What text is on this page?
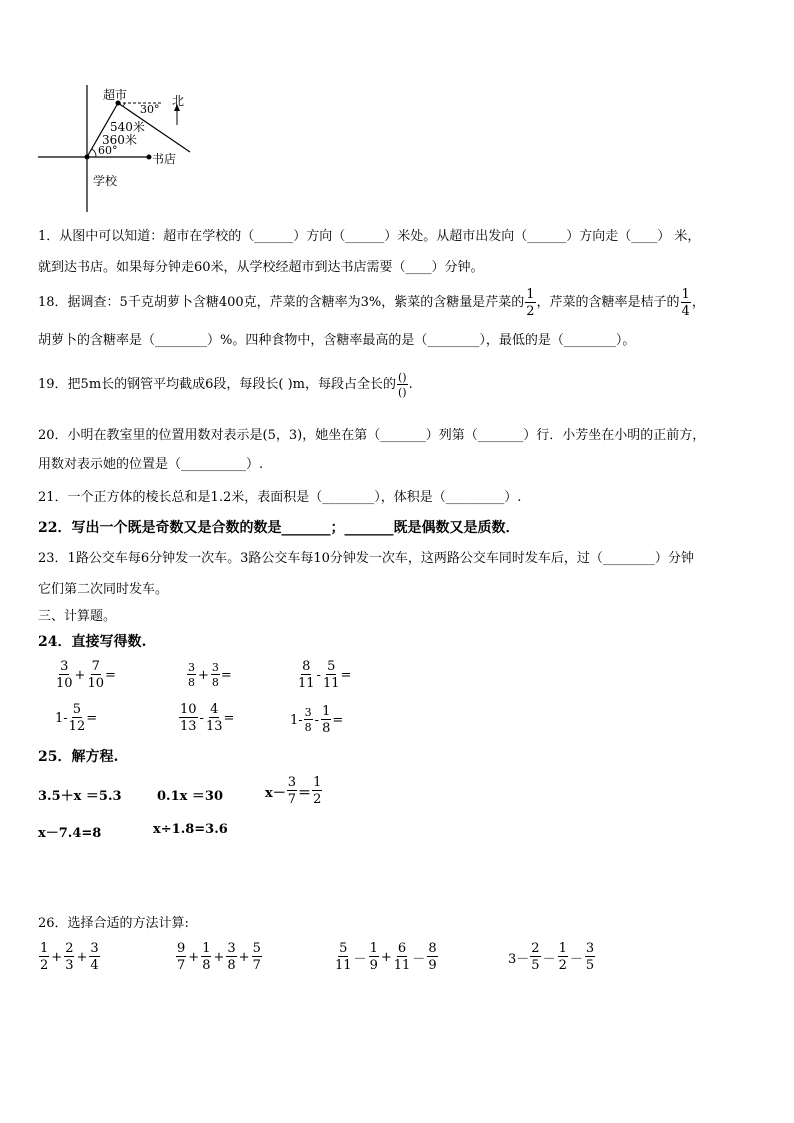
超市
30°
北
540米
360米
60°
书店
学校
1．从图中可以知道：超市在学校的（______）方向（______）米处。从超市出发向（______）方向走（____） 米，
就到达书店。如果每分钟走60米，从学校经超市到达书店需要（____）分钟。
18．据调查：5千克胡萝卜含糖400克，芹菜的含糖率为3%，紫菜的含糖量是芹菜的 $\frac{1}{2}$ ，芹菜的含糖率是桔子的 $\frac{1}{4}$ ，
胡萝卜的含糖率是（________）%。四种食物中，含糖率最高的是（________），最低的是（________）。
19．把5m长的钢管平均截成6段，每段长( )m，每段占全长的 $\frac{()}{()}$ .
20．小明在教室里的位置用数对表示是(5，3)，她坐在第（_______）列第（_______）行．小芳坐在小明的正前方，
用数对表示她的位置是（__________）.
21．一个正方体的棱长总和是1.2米，表面积是（________），体积是（_________）.
22．写出一个既是奇数又是合数的数是_______；_______既是偶数又是质数．
23．1路公交车每6分钟发一次车。3路公交车每10分钟发一次车，这两路公交车同时发车后，过（________）分钟
它们第二次同时发车。
三、计算题。
24．直接写得数.
$\frac{3}{10} + \frac{7}{10}$ =	$\frac{3}{8} + \frac{3}{8}$ =	$\frac{8}{11} - \frac{5}{11}$ =
$1- \frac{5}{12}$ =	$\frac{10}{13} - \frac{4}{13}$ =	$1- \frac{3}{8} - \frac{1}{8}$ =
25．解方程.
3.5＋x ＝5.3	0.1x ＝30	$x- \frac{3}{7} = \frac{1}{2}$
x－7.4=8	x÷1.8=3.6
26．选择合适的方法计算:
$\frac{1}{2} + \frac{2}{3} + \frac{3}{4}$	$\frac{9}{7} + \frac{1}{8} + \frac{3}{8} + \frac{5}{7}$	$\frac{5}{11} - \frac{1}{9} + \frac{6}{11} - \frac{8}{9}$	$3- \frac{2}{5} - \frac{1}{2} - \frac{3}{5}$
